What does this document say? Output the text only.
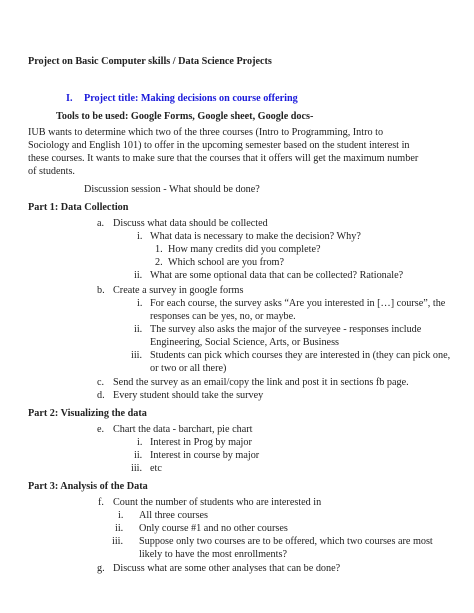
Project on Basic Computer skills / Data Science Projects
I. Project title: Making decisions on course offering
Tools to be used: Google Forms, Google sheet, Google docs-
IUB wants to determine which two of the three courses (Intro to Programming, Intro to
Sociology and English 101) to offer in the upcoming semester based on the student interest in
these courses. It wants to make sure that the courses that it offers will get the maximum number
of students.
Discussion session - What should be done?
Part 1: Data Collection
a. Discuss what data should be collected
i. What data is necessary to make the decision? Why?
1. How many credits did you complete?
2. Which school are you from?
ii. What are some optional data that can be collected? Rationale?
b. Create a survey in google forms
i. For each course, the survey asks “Are you interested in […] course”, the
responses can be yes, no, or maybe.
ii. The survey also asks the major of the surveyee - responses include
Engineering, Social Science, Arts, or Business
iii. Students can pick which courses they are interested in (they can pick one,
or two or all there)
c. Send the survey as an email/copy the link and post it in sections fb page.
d. Every student should take the survey
Part 2: Visualizing the data
e. Chart the data - barchart, pie chart
i. Interest in Prog by major
ii. Interest in course by major
iii. etc
Part 3: Analysis of the Data
f. Count the number of students who are interested in
i. All three courses
ii. Only course #1 and no other courses
iii. Suppose only two courses are to be offered, which two courses are most
likely to have the most enrollments?
g. Discuss what are some other analyses that can be done?
